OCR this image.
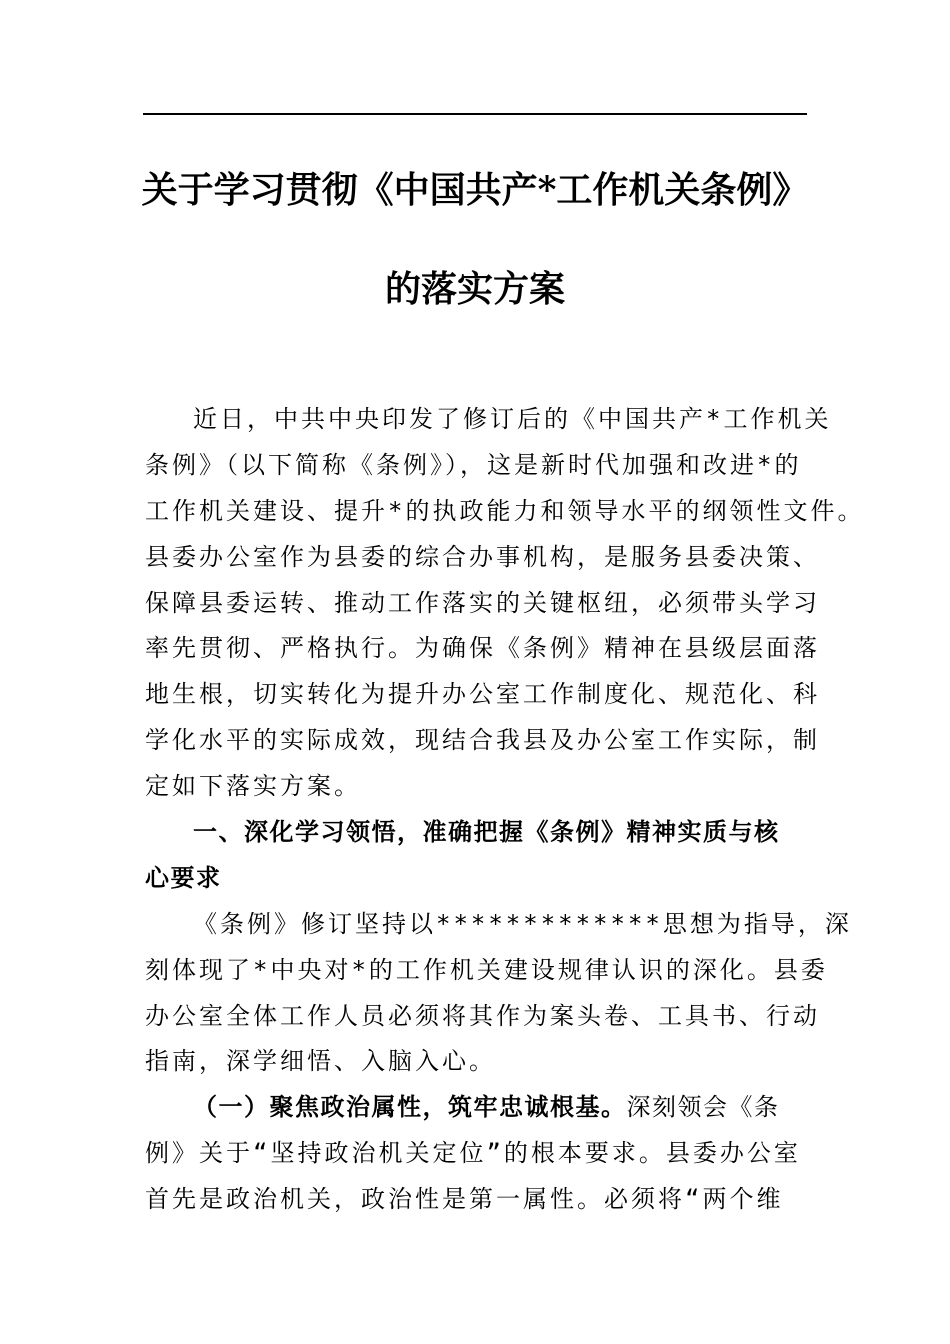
关于学习贯彻《中国共产*工作机关条例》
的落实方案
近日，中共中央印发了修订后的《中国共产*工作机关
条例》（以下简称《条例》），这是新时代加强和改进*的
工作机关建设、提升*的执政能力和领导水平的纲领性文件。
县委办公室作为县委的综合办事机构，是服务县委决策、
保障县委运转、推动工作落实的关键枢纽，必须带头学习
率先贯彻、严格执行。为确保《条例》精神在县级层面落
地生根，切实转化为提升办公室工作制度化、规范化、科
学化水平的实际成效，现结合我县及办公室工作实际，制
定如下落实方案。
一、深化学习领悟，准确把握《条例》精神实质与核
心要求
《条例》修订坚持以*************思想为指导，深
刻体现了*中央对*的工作机关建设规律认识的深化。县委
办公室全体工作人员必须将其作为案头卷、工具书、行动
指南，深学细悟、入脑入心。
（一）聚焦政治属性，筑牢忠诚根基。深刻领会《条
例》关于“坚持政治机关定位”的根本要求。县委办公室
首先是政治机关，政治性是第一属性。必须将“两个维
